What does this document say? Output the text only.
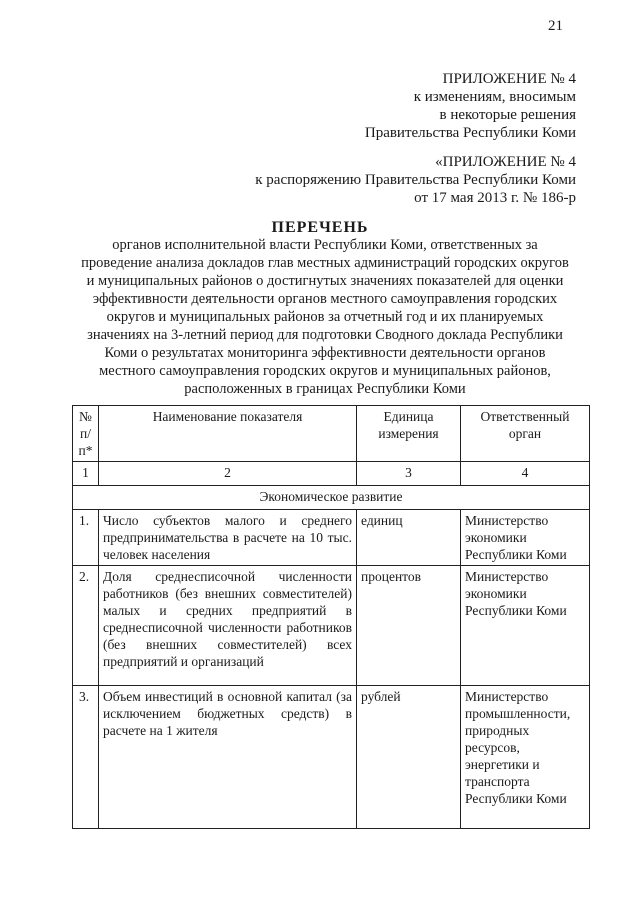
21
ПРИЛОЖЕНИЕ № 4
к изменениям, вносимым
в некоторые решения
Правительства Республики Коми
«ПРИЛОЖЕНИЕ № 4
к распоряжению Правительства Республики Коми
от 17 мая 2013 г. № 186-р
ПЕРЕЧЕНЬ
органов исполнительной власти Республики Коми, ответственных за проведение анализа докладов глав местных администраций городских округов и муниципальных районов о достигнутых значениях показателей для оценки эффективности деятельности органов местного самоуправления городских округов и муниципальных районов за отчетный год и их планируемых значениях на 3-летний период для подготовки Сводного доклада Республики Коми о результатах мониторинга эффективности деятельности органов местного самоуправления городских округов и муниципальных районов, расположенных в границах Республики Коми
№ п/п*	Наименование показателя	Единица измерения	Ответственный орган
1	2	3	4
Экономическое развитие			
1.	Число субъектов малого и среднего предпринимательства в расчете на 10 тыс. человек населения	единиц	Министерство экономики Республики Коми
2.	Доля среднесписочной численности работников (без внешних совместителей) малых и средних предприятий в среднесписочной численности работников (без внешних совместителей) всех предприятий и организаций	процентов	Министерство экономики Республики Коми
3.	Объем инвестиций в основной капитал (за исключением бюджетных средств) в расчете на 1 жителя	рублей	Министерство промышленности, природных ресурсов, энергетики и транспорта Республики Коми
